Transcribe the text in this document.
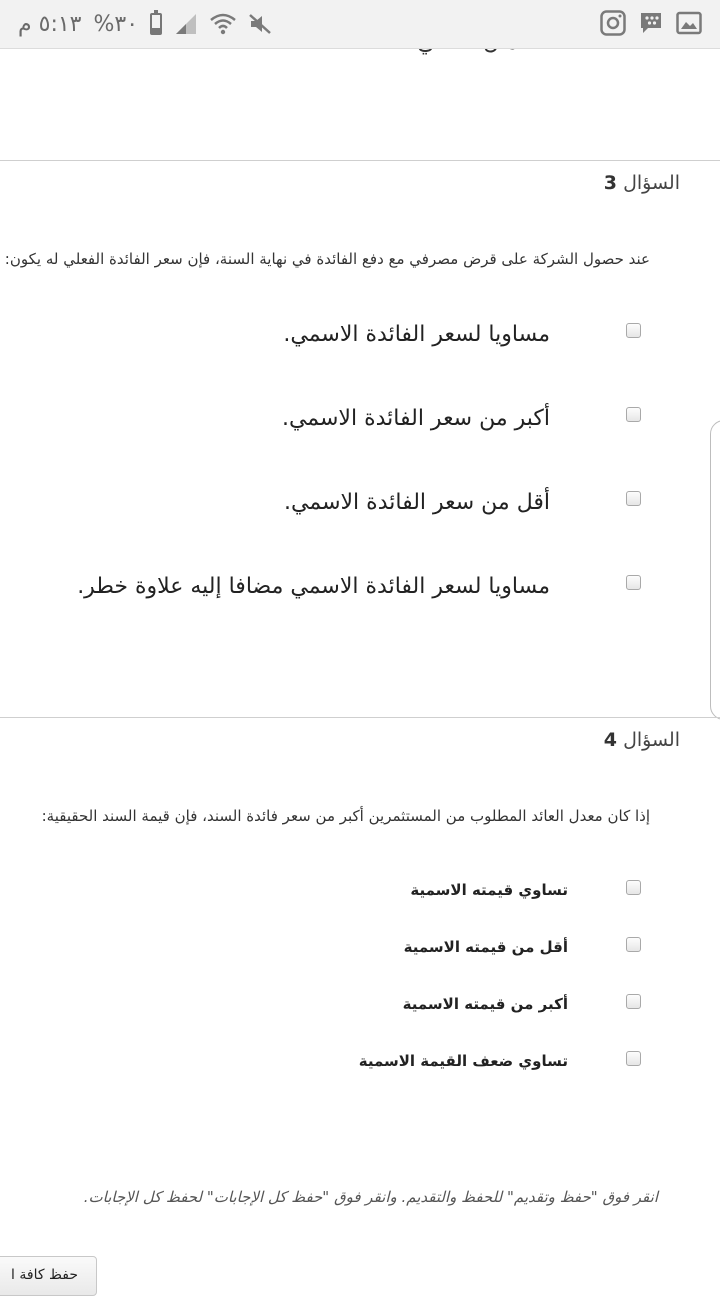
٥:١٣ م %٣٠
السؤال 3
عند حصول الشركة على قرض مصرفي مع دفع الفائدة في نهاية السنة، فإن سعر الفائدة الفعلي له يكون:
مساويا لسعر الفائدة الاسمي.
أكبر من سعر الفائدة الاسمي.
أقل من سعر الفائدة الاسمي.
مساويا لسعر الفائدة الاسمي مضافا إليه علاوة خطر.
السؤال 4
إذا كان معدل العائد المطلوب من المستثمرين أكبر من سعر فائدة السند، فإن قيمة السند الحقيقية:
تساوي قيمته الاسمية
أقل من قيمته الاسمية
أكبر من قيمته الاسمية
تساوي ضعف القيمة الاسمية
انقر فوق "حفظ وتقديم" للحفظ والتقديم. وانقر فوق "حفظ كل الإجابات" لحفظ كل الإجابات.
حفظ كافة ا
